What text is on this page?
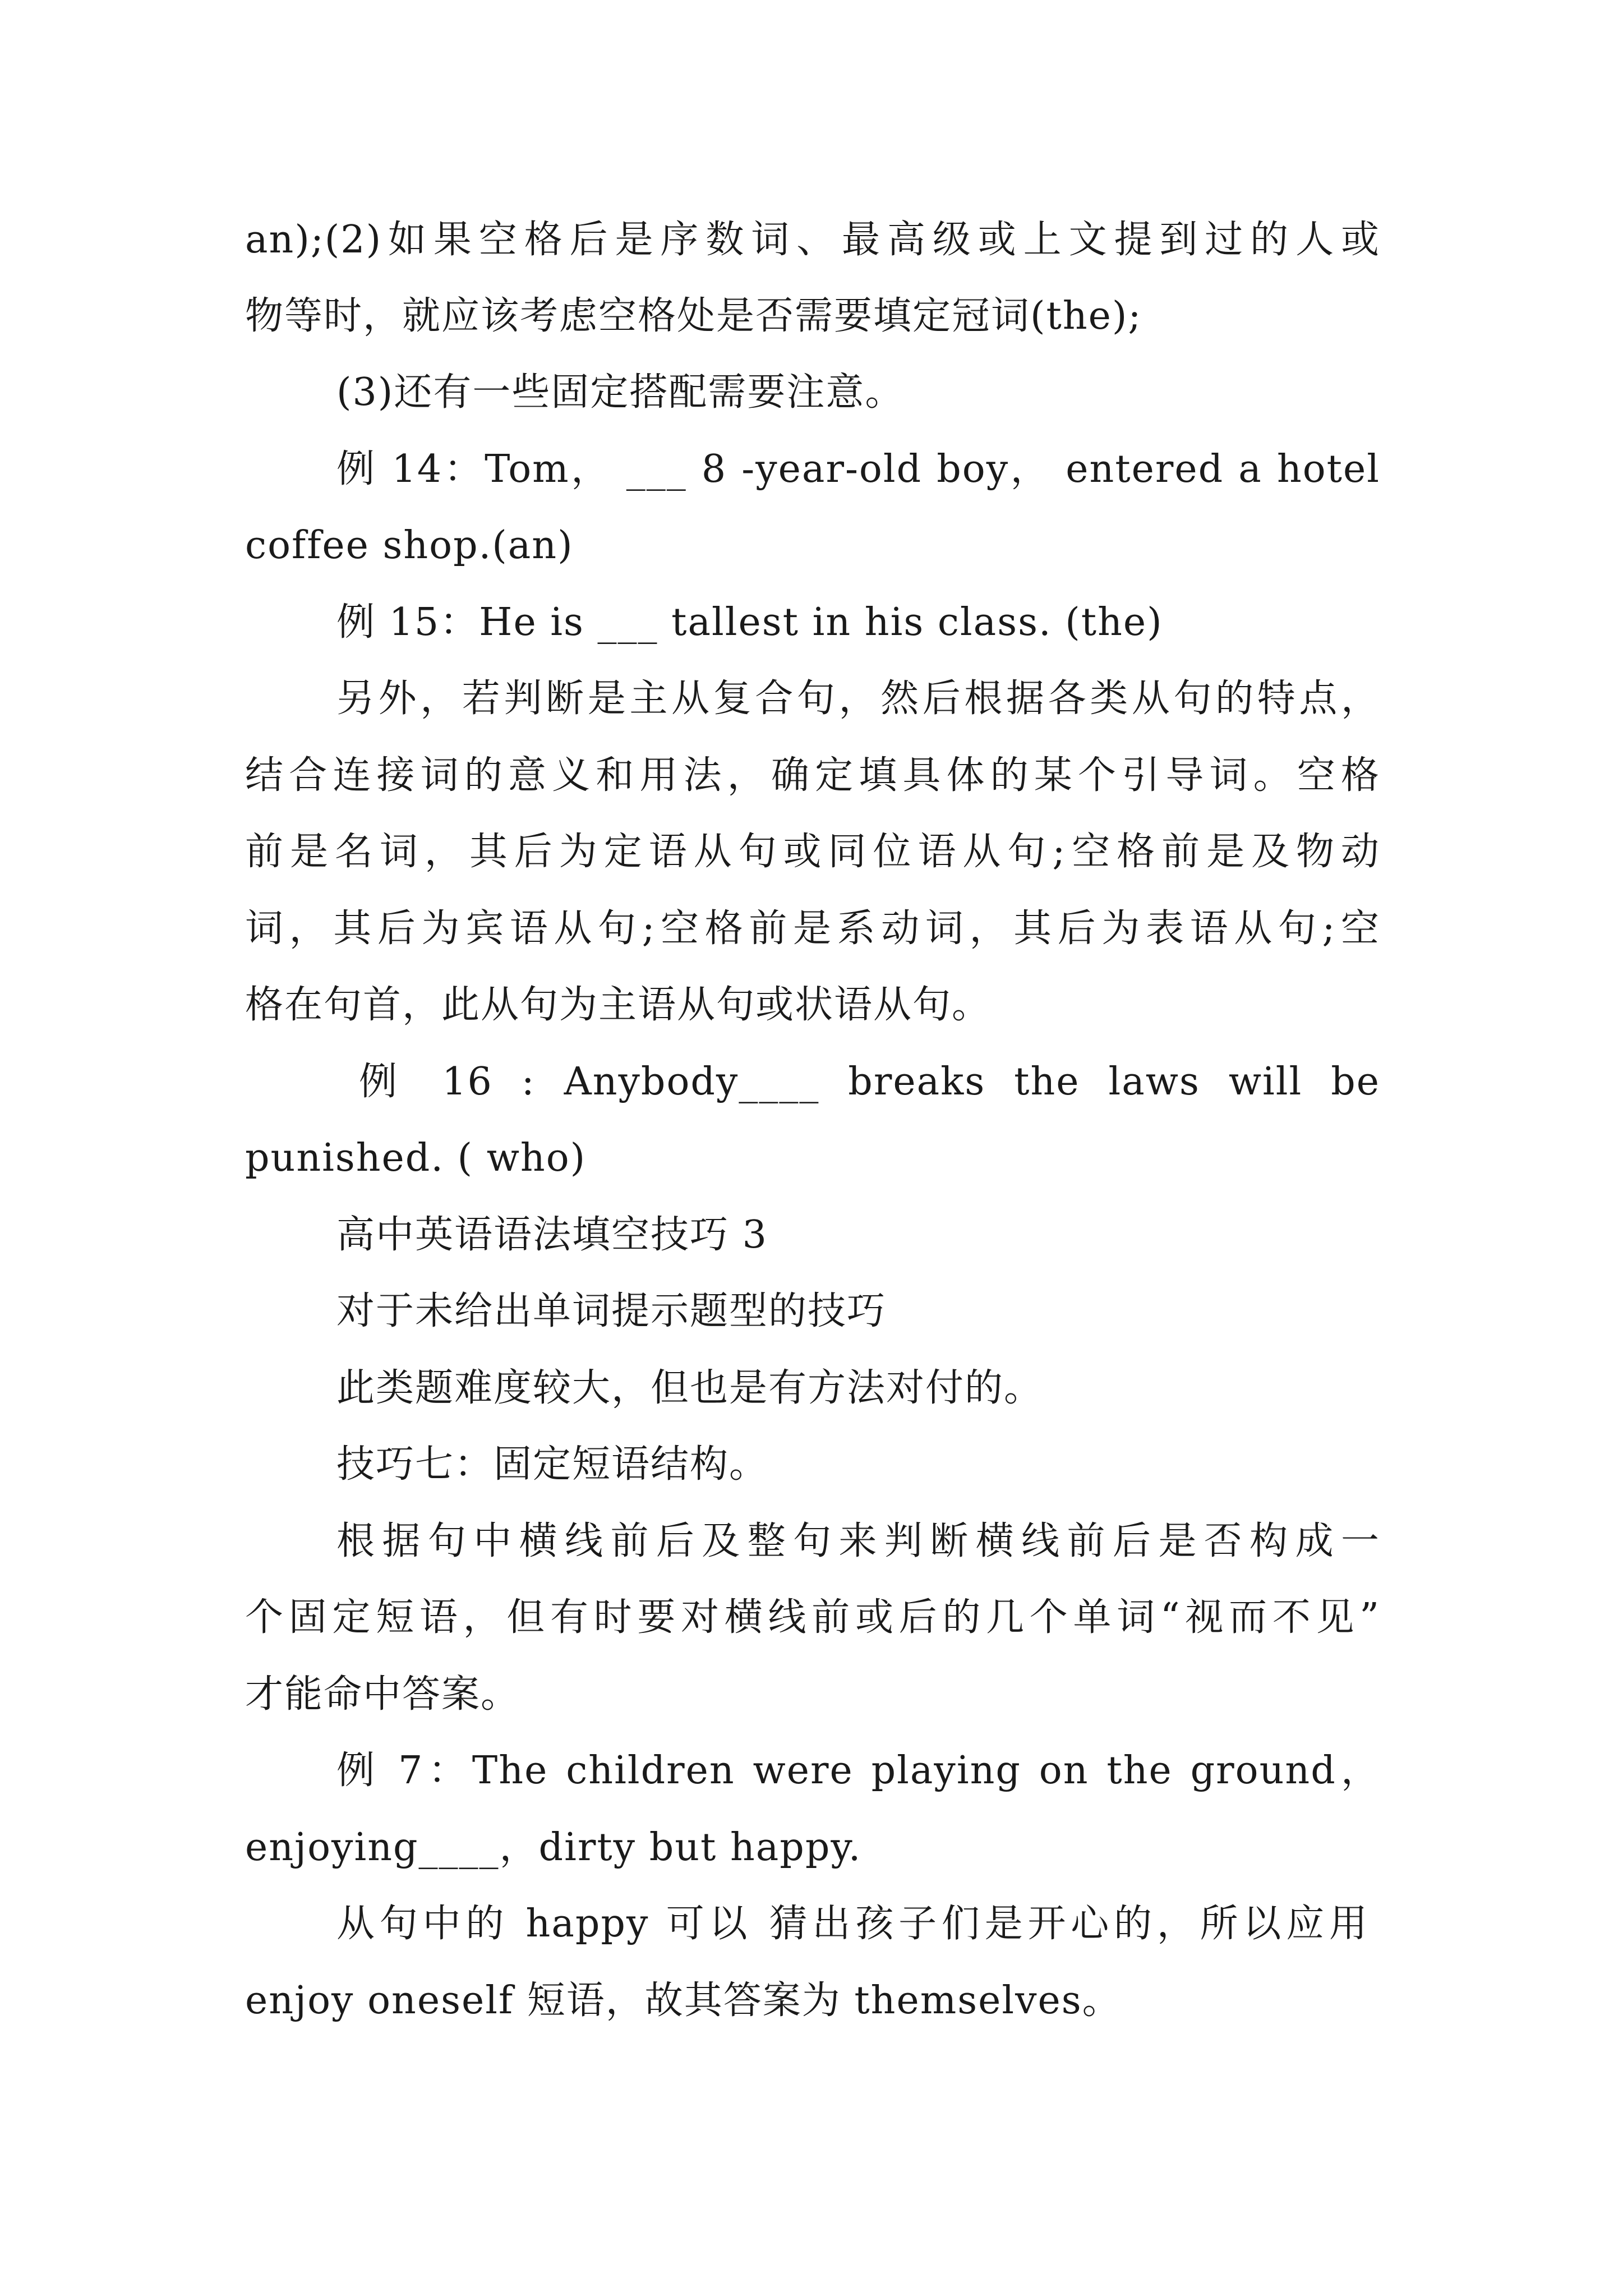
an);(2)如果空格后是序数词、最高级或上文提到过的人或
物等时，就应该考虑空格处是否需要填定冠词(the);
(3)还有一些固定搭配需要注意。
例 14：Tom， ___ 8 -year-old boy， entered a hotel
coffee shop.(an)
例 15：He is ___ tallest in his class. (the)
另外，若判断是主从复合句，然后根据各类从句的特点，
结合连接词的意义和用法，确定填具体的某个引导词。空格
前是名词，其后为定语从句或同位语从句;空格前是及物动
词，其后为宾语从句;空格前是系动词，其后为表语从句;空
格在句首，此从句为主语从句或状语从句。
例 16 : Anybody____ breaks the laws will be
punished. ( who)
高中英语语法填空技巧 3
对于未给出单词提示题型的技巧
此类题难度较大，但也是有方法对付的。
技巧七：固定短语结构。
根据句中横线前后及整句来判断横线前后是否构成一
个固定短语，但有时要对横线前或后的几个单词“视而不见”
才能命中答案。
例 7：The children were playing on the ground，
enjoying____，dirty but happy.
从句中的 happy 可以 猜出孩子们是开心的，所以应用
enjoy oneself 短语，故其答案为 themselves。
